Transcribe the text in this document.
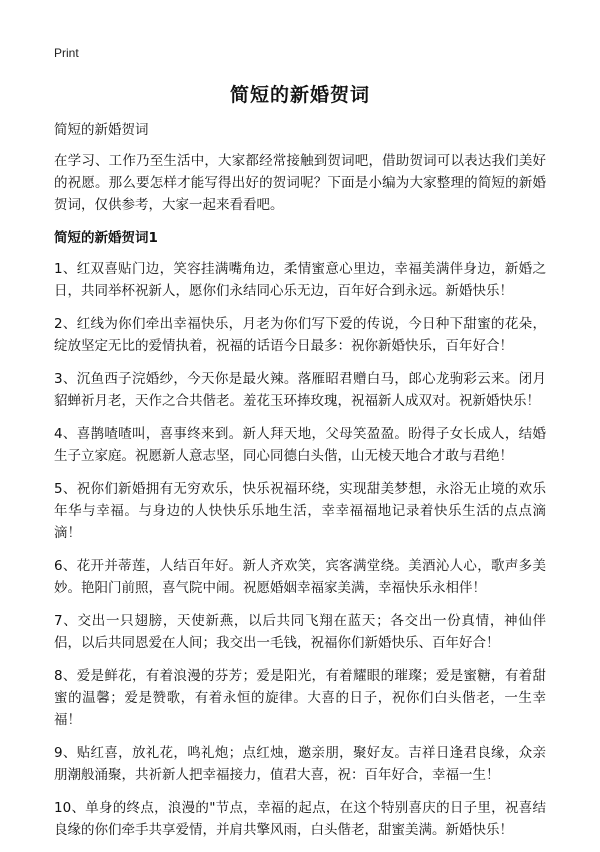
Print
简短的新婚贺词
简短的新婚贺词
在学习、工作乃至生活中，大家都经常接触到贺词吧，借助贺词可以表达我们美好的祝愿。那么要怎样才能写得出好的贺词呢？下面是小编为大家整理的简短的新婚贺词，仅供参考，大家一起来看看吧。
简短的新婚贺词1
1、红双喜贴门边，笑容挂满嘴角边，柔情蜜意心里边，幸福美满伴身边，新婚之日，共同举杯祝新人，愿你们永结同心乐无边，百年好合到永远。新婚快乐！
2、红线为你们牵出幸福快乐，月老为你们写下爱的传说，今日种下甜蜜的花朵，绽放坚定无比的爱情执着，祝福的话语今日最多：祝你新婚快乐，百年好合！
3、沉鱼西子浣婚纱，今天你是最火辣。落雁昭君赠白马，郎心龙驹彩云来。闭月貂蝉祈月老，天作之合共偕老。羞花玉环捧玫瑰，祝福新人成双对。祝新婚快乐！
4、喜鹊喳喳叫，喜事终来到。新人拜天地，父母笑盈盈。盼得子女长成人，结婚生子立家庭。祝愿新人意志坚，同心同德白头偕，山无棱天地合才敢与君绝！
5、祝你们新婚拥有无穷欢乐，快乐祝福环绕，实现甜美梦想，永浴无止境的欢乐年华与幸福。与身边的人快快乐乐地生活，幸幸福福地记录着快乐生活的点点滴滴！
6、花开并蒂莲，人结百年好。新人齐欢笑，宾客满堂绕。美酒沁人心，歌声多美妙。艳阳门前照，喜气院中闹。祝愿婚姻幸福家美满，幸福快乐永相伴！
7、交出一只翅膀，天使新燕，以后共同飞翔在蓝天；各交出一份真情，神仙伴侣，以后共同恩爱在人间；我交出一毛钱，祝福你们新婚快乐、百年好合！
8、爱是鲜花，有着浪漫的芬芳；爱是阳光，有着耀眼的璀璨；爱是蜜糖，有着甜蜜的温馨；爱是赞歌，有着永恒的旋律。大喜的日子，祝你们白头偕老，一生幸福！
9、贴红喜，放礼花，鸣礼炮；点红烛，邀亲朋，聚好友。吉祥日逢君良缘，众亲朋潮般涌聚，共祈新人把幸福接力，值君大喜，祝：百年好合，幸福一生！
10、单身的终点，浪漫的"节点，幸福的起点，在这个特别喜庆的日子里，祝喜结良缘的你们牵手共享爱情，并肩共擎风雨，白头偕老，甜蜜美满。新婚快乐！
